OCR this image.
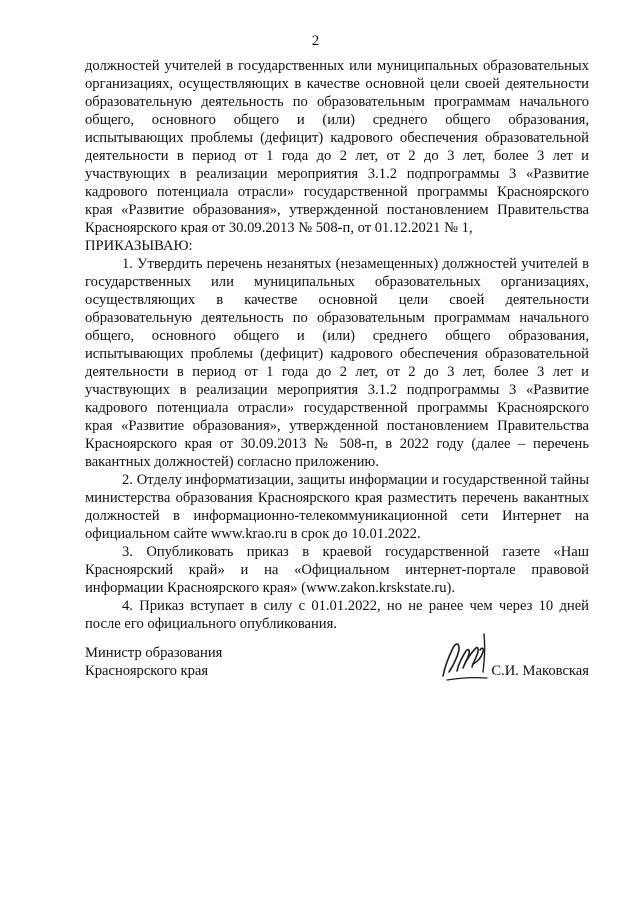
2

должностей учителей в государственных или муниципальных образовательных организациях, осуществляющих в качестве основной цели своей деятельности образовательную деятельность по образовательным программам начального общего, основного общего и (или) среднего общего образования, испытывающих проблемы (дефицит) кадрового обеспечения образовательной деятельности в период от 1 года до 2 лет, от 2 до 3 лет, более 3 лет и участвующих в реализации мероприятия 3.1.2 подпрограммы 3 «Развитие кадрового потенциала отрасли» государственной программы Красноярского края «Развитие образования», утвержденной постановлением Правительства Красноярского края от 30.09.2013 № 508-п, от 01.12.2021 № 1,

ПРИКАЗЫВАЮ:

1. Утвердить перечень незанятых (незамещенных) должностей учителей в государственных или муниципальных образовательных организациях, осуществляющих в качестве основной цели своей деятельности образовательную деятельность по образовательным программам начального общего, основного общего и (или) среднего общего образования, испытывающих проблемы (дефицит) кадрового обеспечения образовательной деятельности в период от 1 года до 2 лет, от 2 до 3 лет, более 3 лет и участвующих в реализации мероприятия 3.1.2 подпрограммы 3 «Развитие кадрового потенциала отрасли» государственной программы Красноярского края «Развитие образования», утвержденной постановлением Правительства Красноярского края от 30.09.2013 № 508-п, в 2022 году (далее – перечень вакантных должностей) согласно приложению.

2. Отделу информатизации, защиты информации и государственной тайны министерства образования Красноярского края разместить перечень вакантных должностей в информационно-телекоммуникационной сети Интернет на официальном сайте www.krao.ru в срок до 10.01.2022.

3. Опубликовать приказ в краевой государственной газете «Наш Красноярский край» и на «Официальном интернет-портале правовой информации Красноярского края» (www.zakon.krskstate.ru).

4. Приказ вступает в силу с 01.01.2022, но не ранее чем через 10 дней после его официального опубликования.

Министр образования
Красноярского края	С.И. Маковская
